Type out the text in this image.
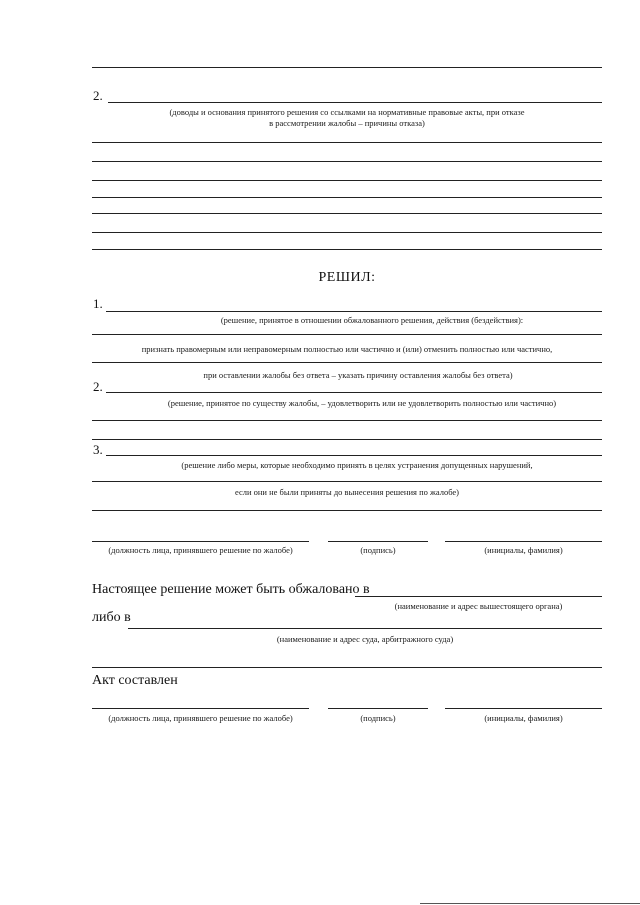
2.
(доводы и основания принятого решения со ссылками на нормативные правовые акты, при отказе
в рассмотрении жалобы – причины отказа)
РЕШИЛ:
1.
(решение, принятое в отношении обжалованного решения, действия (бездействия):
признать правомерным или неправомерным полностью или частично и (или) отменить полностью или частично,
при оставлении жалобы без ответа – указать причину оставления жалобы без ответа)
2.
(решение, принятое по существу жалобы, – удовлетворить или не удовлетворить полностью или частично)
3.
(решение либо меры, которые необходимо принять в целях устранения допущенных нарушений,
если они не были приняты до вынесения решения по жалобе)
(должность лица, принявшего решение по жалобе)	(подпись)	(инициалы, фамилия)
Настоящее решение может быть обжаловано в
(наименование и адрес вышестоящего органа)
либо в
(наименование и адрес суда, арбитражного суда)
Акт составлен
(должность лица, принявшего решение по жалобе)	(подпись)	(инициалы, фамилия)
